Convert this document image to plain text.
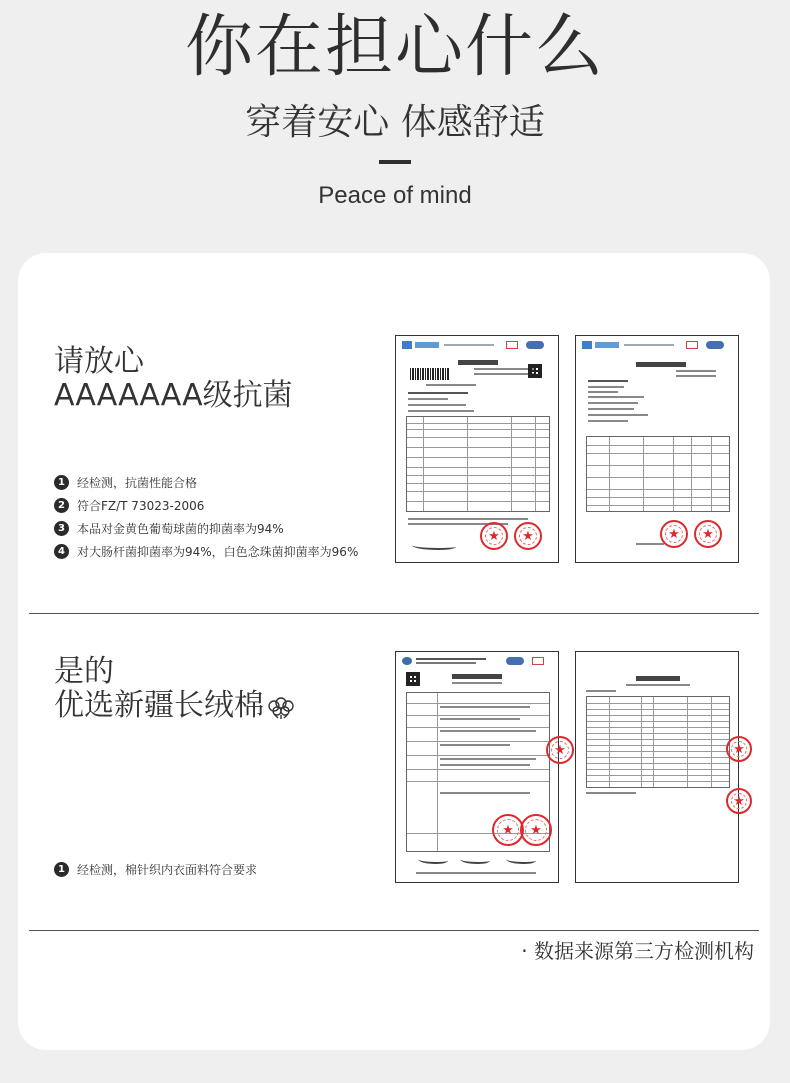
你在担心什么
穿着安心 体感舒适
Peace of mind
请放心
AAAAAAA级抗菌
1	经检测，抗菌性能合格
2	符合FZ/T 73023-2006
3	本品对金黄色葡萄球菌的抑菌率为94%
4	对大肠杆菌抑菌率为94%，白色念珠菌抑菌率为96%
★	★	★	★
是的
优选新疆长绒棉
1	经检测，棉针织内衣面料符合要求
★	★
★	★
★
· 数据来源第三方检测机构
